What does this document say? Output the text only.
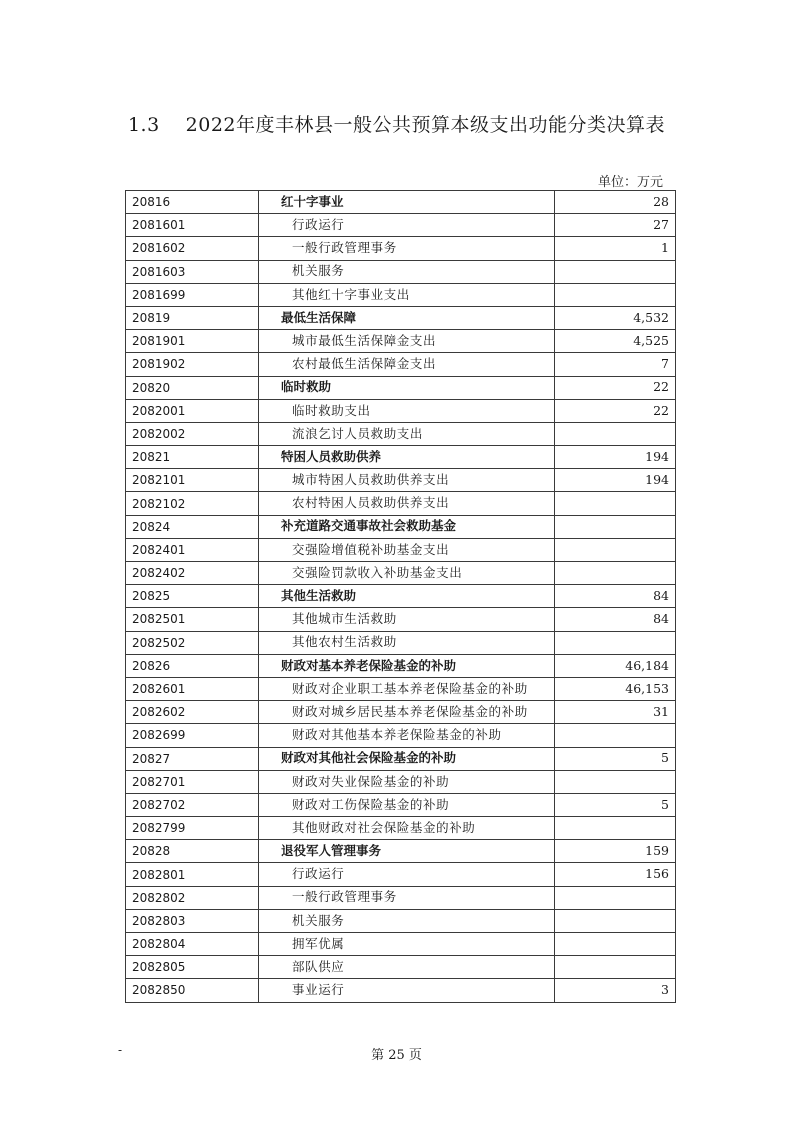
1.3 2022年度丰林县一般公共预算本级支出功能分类决算表
单位：万元
20816	红十字事业	28
2081601	行政运行	27
2081602	一般行政管理事务	1
2081603	机关服务	
2081699	其他红十字事业支出	
20819	最低生活保障	4,532
2081901	城市最低生活保障金支出	4,525
2081902	农村最低生活保障金支出	7
20820	临时救助	22
2082001	临时救助支出	22
2082002	流浪乞讨人员救助支出	
20821	特困人员救助供养	194
2082101	城市特困人员救助供养支出	194
2082102	农村特困人员救助供养支出	
20824	补充道路交通事故社会救助基金	
2082401	交强险增值税补助基金支出	
2082402	交强险罚款收入补助基金支出	
20825	其他生活救助	84
2082501	其他城市生活救助	84
2082502	其他农村生活救助	
20826	财政对基本养老保险基金的补助	46,184
2082601	财政对企业职工基本养老保险基金的补助	46,153
2082602	财政对城乡居民基本养老保险基金的补助	31
2082699	财政对其他基本养老保险基金的补助	
20827	财政对其他社会保险基金的补助	5
2082701	财政对失业保险基金的补助	
2082702	财政对工伤保险基金的补助	5
2082799	其他财政对社会保险基金的补助	
20828	退役军人管理事务	159
2082801	行政运行	156
2082802	一般行政管理事务	
2082803	机关服务	
2082804	拥军优属	
2082805	部队供应	
2082850	事业运行	3
-	第 25 页
